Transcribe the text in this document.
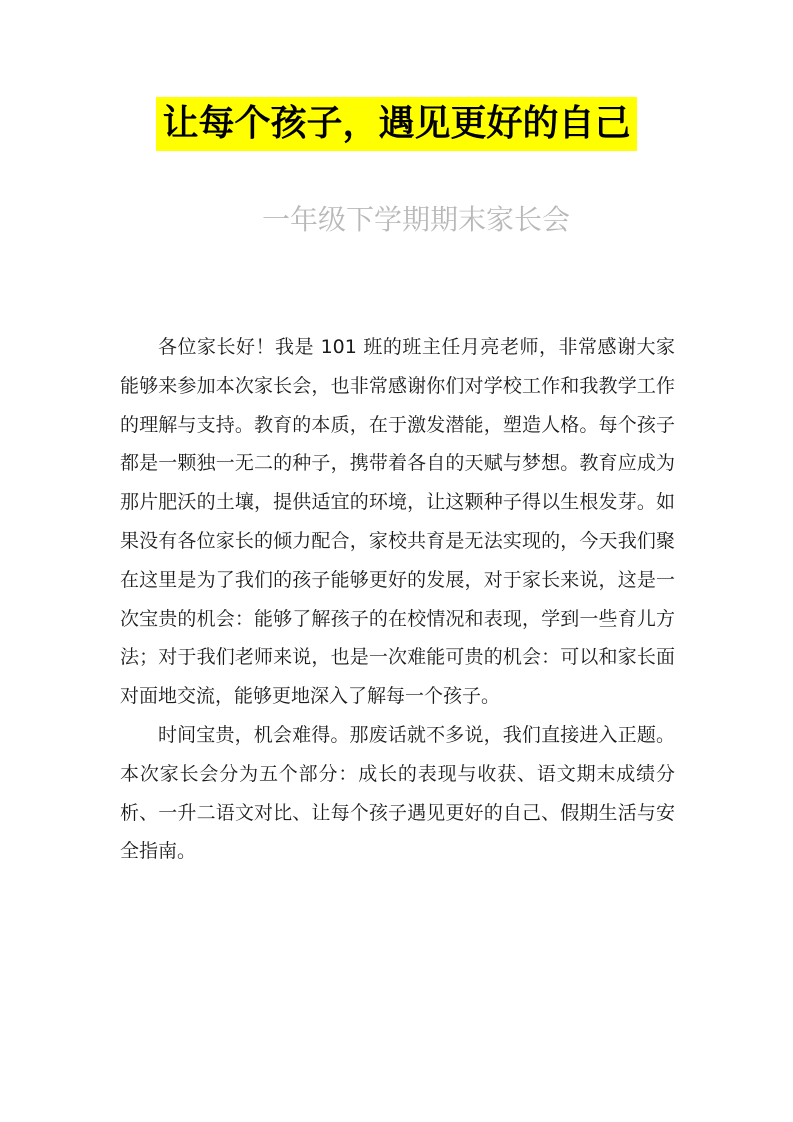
让每个孩子，遇见更好的自己
一年级下学期期末家长会

各位家长好！我是 101 班的班主任月亮老师，非常感谢大家能够来参加本次家长会，也非常感谢你们对学校工作和我教学工作的理解与支持。教育的本质，在于激发潜能，塑造人格。每个孩子都是一颗独一无二的种子，携带着各自的天赋与梦想。教育应成为那片肥沃的土壤，提供适宜的环境，让这颗种子得以生根发芽。如果没有各位家长的倾力配合，家校共育是无法实现的，今天我们聚在这里是为了我们的孩子能够更好的发展，对于家长来说，这是一次宝贵的机会：能够了解孩子的在校情况和表现，学到一些育儿方法；对于我们老师来说，也是一次难能可贵的机会：可以和家长面对面地交流，能够更地深入了解每一个孩子。

时间宝贵，机会难得。那废话就不多说，我们直接进入正题。本次家长会分为五个部分：成长的表现与收获、语文期末成绩分析、一升二语文对比、让每个孩子遇见更好的自己、假期生活与安全指南。
